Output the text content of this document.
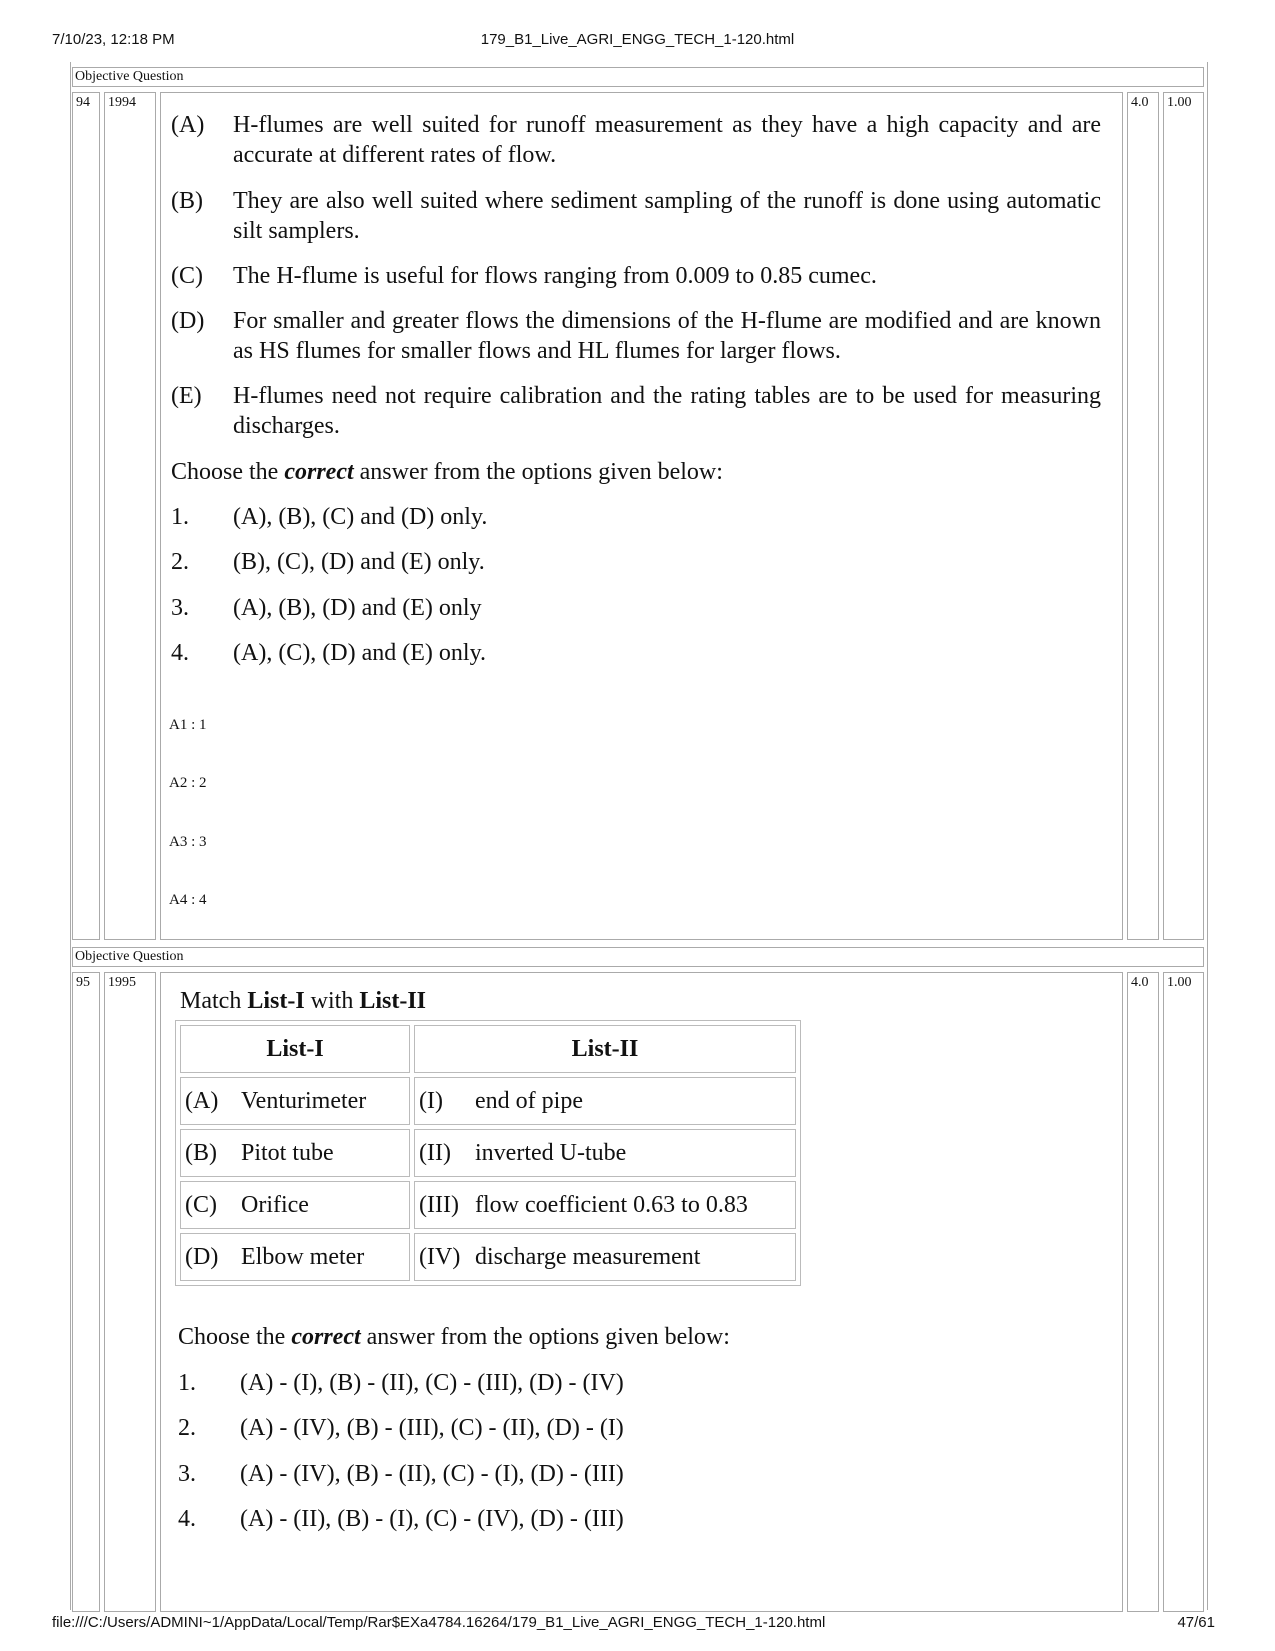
7/10/23, 12:18 PM	179_B1_Live_AGRI_ENGG_TECH_1-120.html
Objective Question
94	1994	4.0	1.00
(A) H-flumes are well suited for runoff measurement as they have a high capacity and are accurate at different rates of flow.
(B) They are also well suited where sediment sampling of the runoff is done using automatic silt samplers.
(C) The H-flume is useful for flows ranging from 0.009 to 0.85 cumec.
(D) For smaller and greater flows the dimensions of the H-flume are modified and are known as HS flumes for smaller flows and HL flumes for larger flows.
(E) H-flumes need not require calibration and the rating tables are to be used for measuring discharges.
Choose the correct answer from the options given below:
1. (A), (B), (C) and (D) only.
2. (B), (C), (D) and (E) only.
3. (A), (B), (D) and (E) only
4. (A), (C), (D) and (E) only.
A1 : 1
A2 : 2
A3 : 3
A4 : 4
Objective Question
95	1995	4.0	1.00
Match List-I with List-II
List-I	List-II
(A) Venturimeter	(I) end of pipe
(B) Pitot tube	(II) inverted U-tube
(C) Orifice	(III) flow coefficient 0.63 to 0.83
(D) Elbow meter	(IV) discharge measurement
Choose the correct answer from the options given below:
1. (A) - (I), (B) - (II), (C) - (III), (D) - (IV)
2. (A) - (IV), (B) - (III), (C) - (II), (D) - (I)
3. (A) - (IV), (B) - (II), (C) - (I), (D) - (III)
4. (A) - (II), (B) - (I), (C) - (IV), (D) - (III)
file:///C:/Users/ADMINI~1/AppData/Local/Temp/Rar$EXa4784.16264/179_B1_Live_AGRI_ENGG_TECH_1-120.html	47/61
